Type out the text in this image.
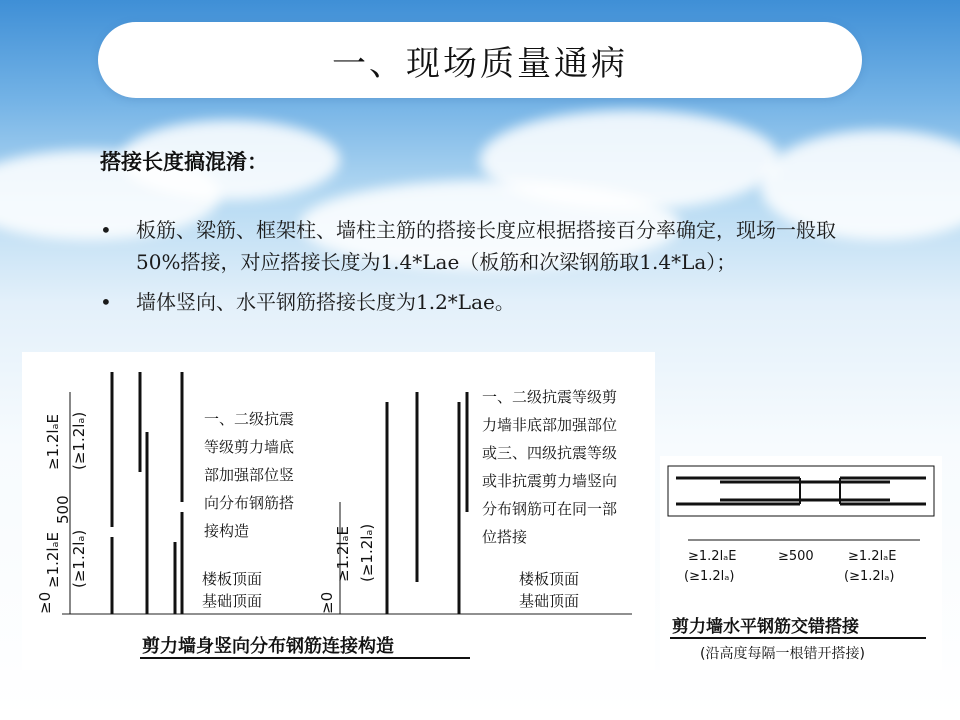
一、现场质量通病
搭接长度搞混淆：
• 板筋、梁筋、框架柱、墙柱主筋的搭接长度应根据搭接百分率确定，现场一般取50%搭接，对应搭接长度为1.4*Lae（板筋和次梁钢筋取1.4*La）；
• 墙体竖向、水平钢筋搭接长度为1.2*Lae。
≥0
≥1.2lₐE (≥1.2lₐ)
500
≥1.2lₐE (≥1.2lₐ)
≥0
≥1.2lₐE (≥1.2lₐ)
一、二级抗震
等级剪力墙底
部加强部位竖
向分布钢筋搭
接构造
一、二级抗震等级剪
力墙非底部加强部位
或三、四级抗震等级
或非抗震剪力墙竖向
分布钢筋可在同一部
位搭接
楼板顶面
基础顶面
楼板顶面
基础顶面
剪力墙身竖向分布钢筋连接构造
≥1.2lₐE
(≥1.2lₐ)
≥500	≥1.2lₐE
(≥1.2lₐ)
剪力墙水平钢筋交错搭接
(沿高度每隔一根错开搭接)
